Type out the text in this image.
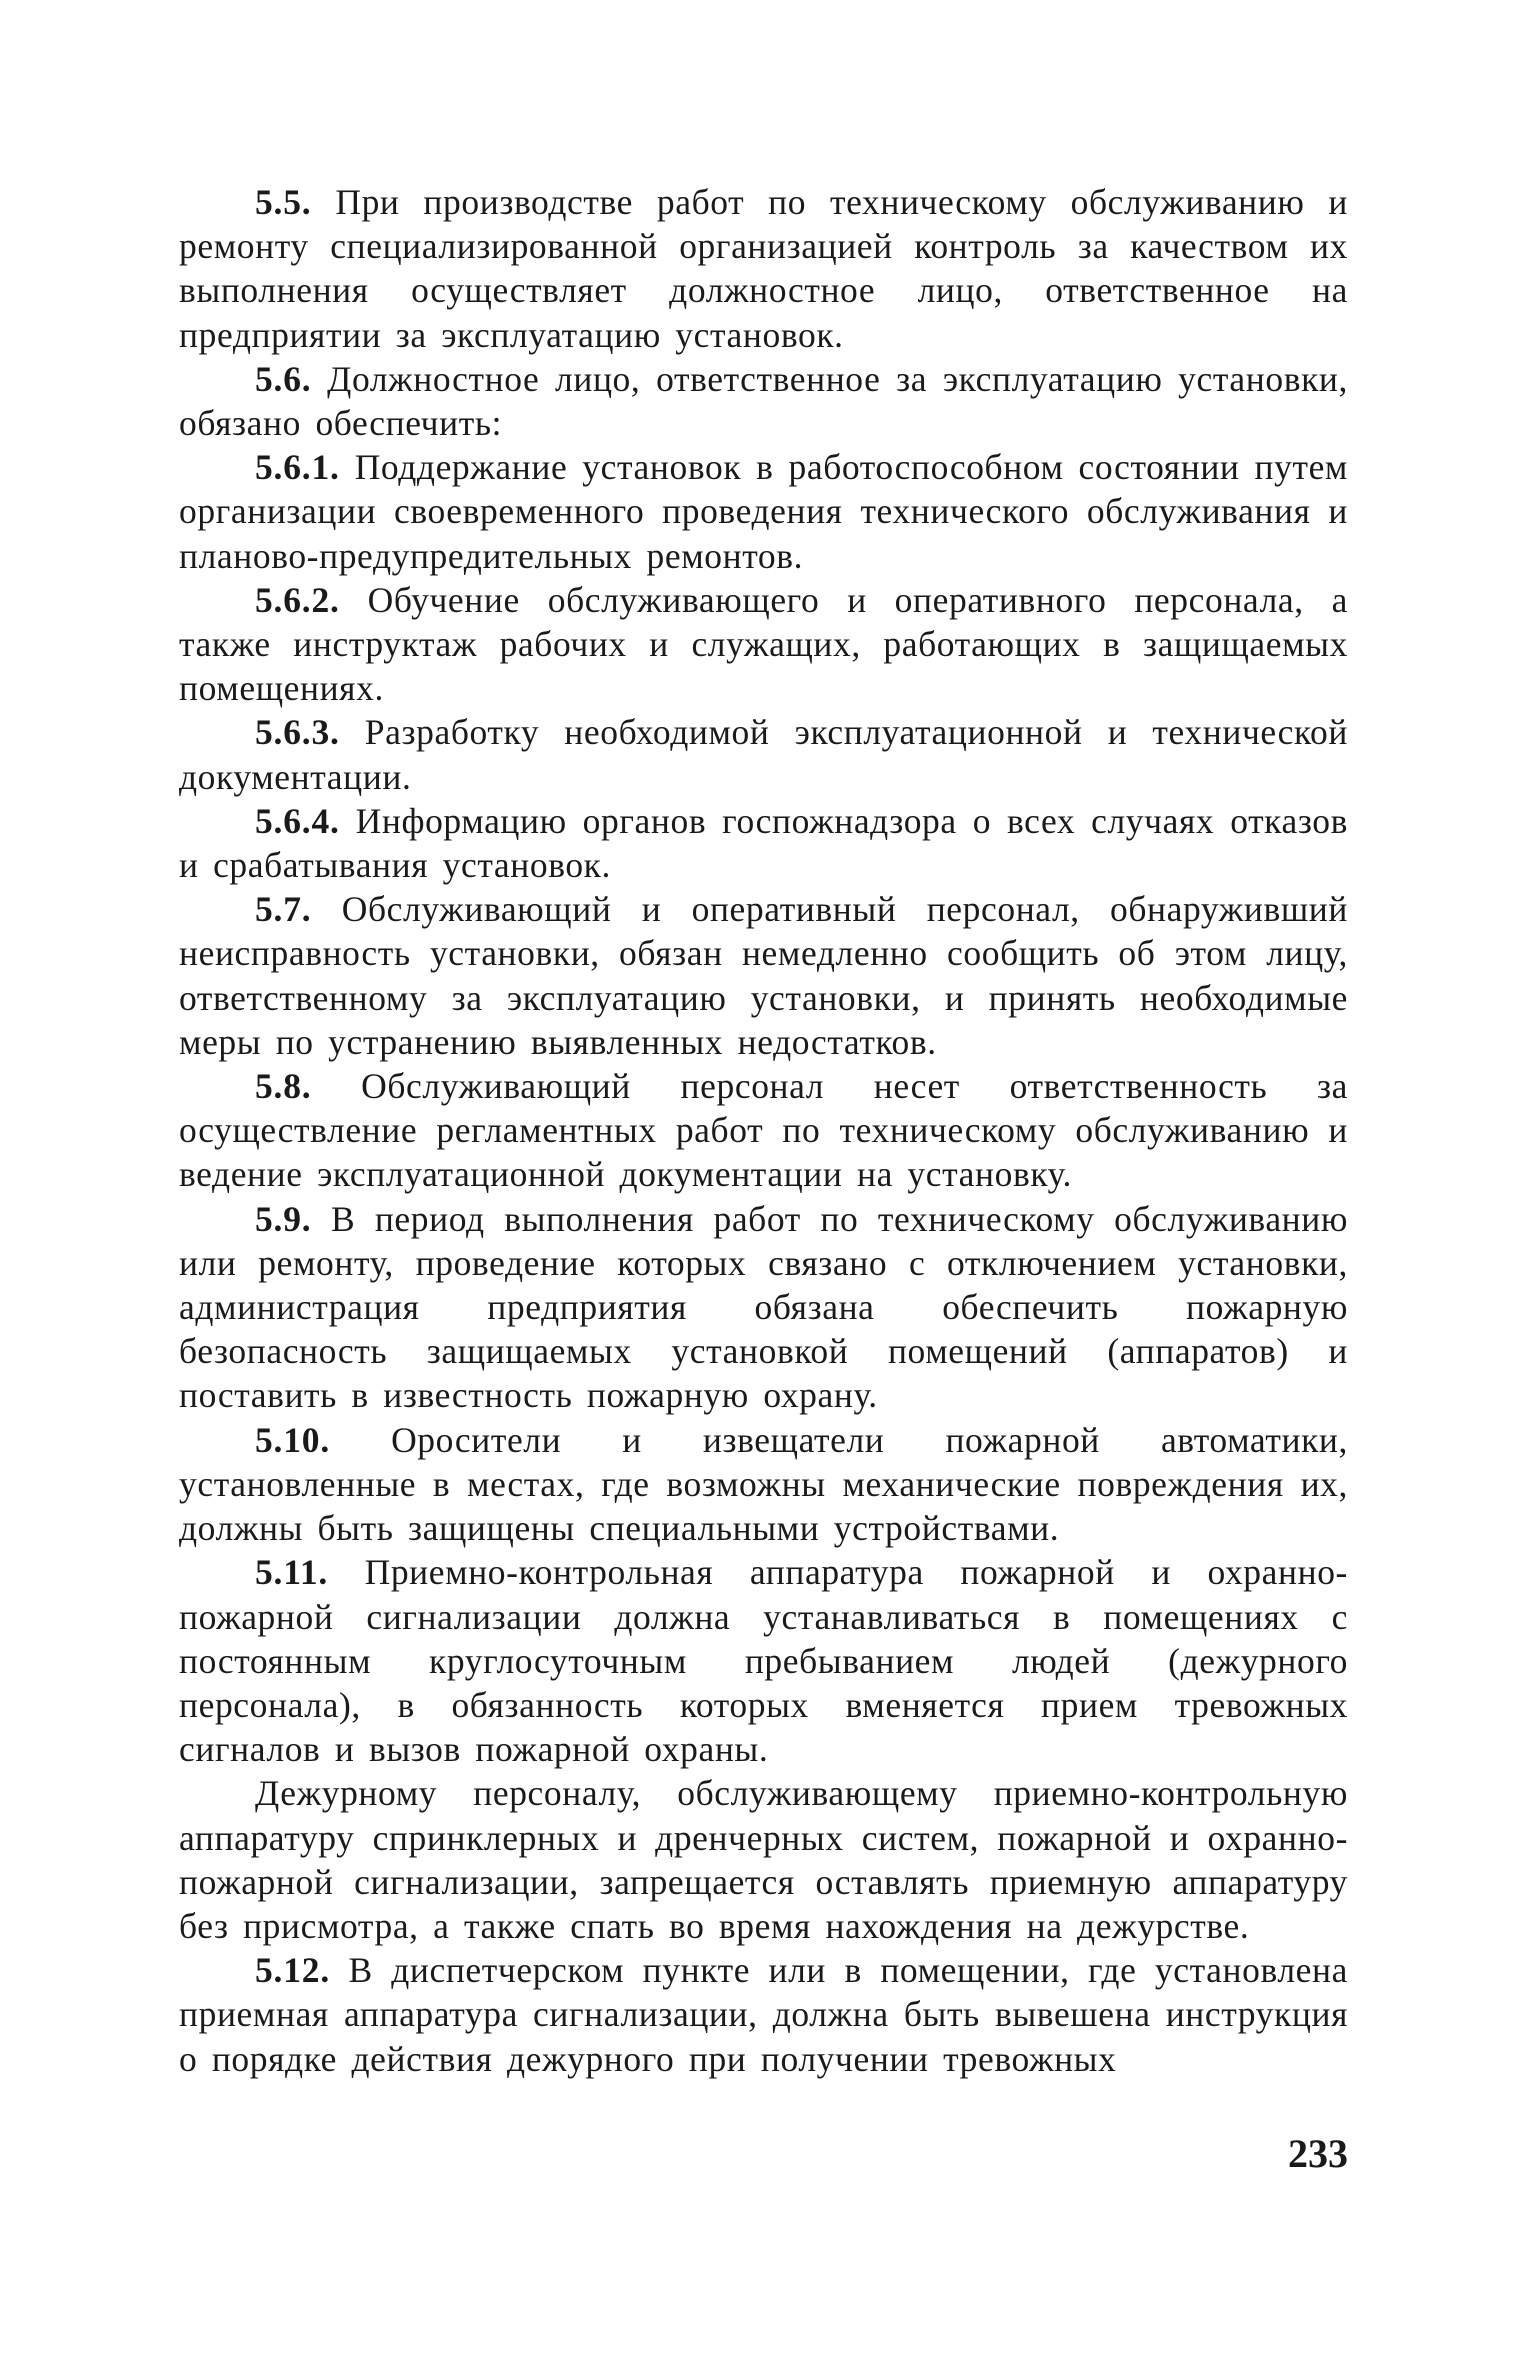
5.5. При производстве работ по техническому обслуживанию и ремонту специализированной организацией контроль за качеством их выполнения осуществляет должностное лицо, ответственное на предприятии за эксплуатацию установок.

5.6. Должностное лицо, ответственное за эксплуатацию установки, обязано обеспечить:

5.6.1. Поддержание установок в работоспособном состоянии путем организации своевременного проведения технического обслуживания и планово-предупредительных ремонтов.

5.6.2. Обучение обслуживающего и оперативного персонала, а также инструктаж рабочих и служащих, работающих в защищаемых помещениях.

5.6.3. Разработку необходимой эксплуатационной и технической документации.

5.6.4. Информацию органов госпожнадзора о всех случаях отказов и срабатывания установок.

5.7. Обслуживающий и оперативный персонал, обнаруживший неисправность установки, обязан немедленно сообщить об этом лицу, ответственному за эксплуатацию установки, и принять необходимые меры по устранению выявленных недостатков.

5.8. Обслуживающий персонал несет ответственность за осуществление регламентных работ по техническому обслуживанию и ведение эксплуатационной документации на установку.

5.9. В период выполнения работ по техническому обслуживанию или ремонту, проведение которых связано с отключением установки, администрация предприятия обязана обеспечить пожарную безопасность защищаемых установкой помещений (аппаратов) и поставить в известность пожарную охрану.

5.10. Оросители и извещатели пожарной автоматики, установленные в местах, где возможны механические повреждения их, должны быть защищены специальными устройствами.

5.11. Приемно-контрольная аппаратура пожарной и охранно-пожарной сигнализации должна устанавливаться в помещениях с постоянным круглосуточным пребыванием людей (дежурного персонала), в обязанность которых вменяется прием тревожных сигналов и вызов пожарной охраны.

Дежурному персоналу, обслуживающему приемно-контрольную аппаратуру спринклерных и дренчерных систем, пожарной и охранно-пожарной сигнализации, запрещается оставлять приемную аппаратуру без присмотра, а также спать во время нахождения на дежурстве.

5.12. В диспетчерском пункте или в помещении, где установлена приемная аппаратура сигнализации, должна быть вывешена инструкция о порядке действия дежурного при получении тревожных

233
